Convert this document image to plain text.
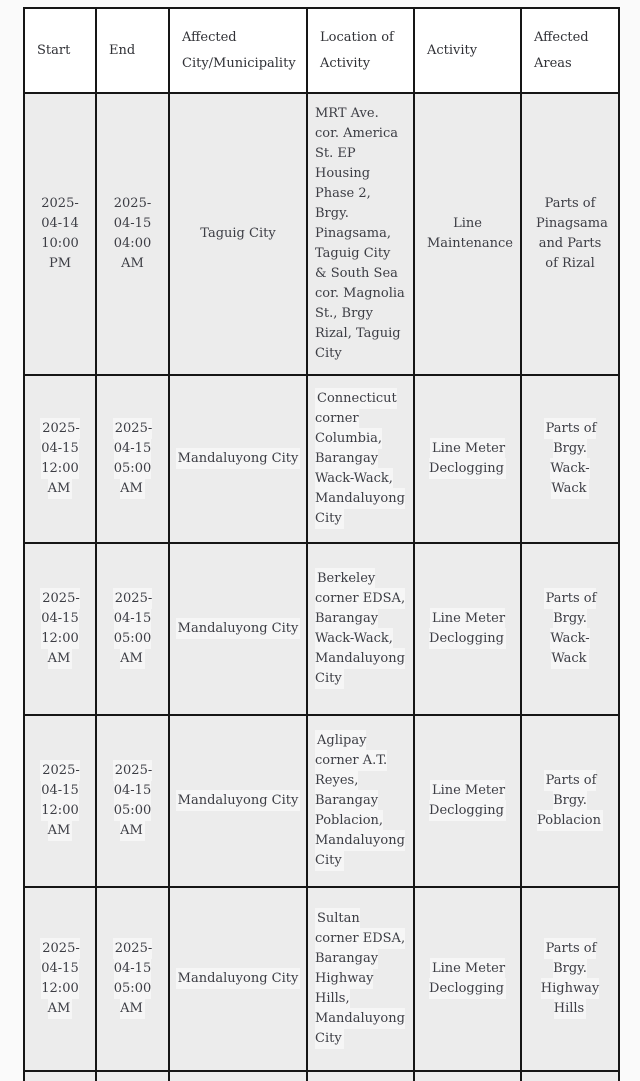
Start	End	Affected City/Municipality	Location of Activity	Activity	Affected Areas
2025-04-14 10:00 PM	2025-04-15 04:00 AM	Taguig City	MRT Ave. cor. America St. EP Housing Phase 2, Brgy. Pinagsama, Taguig City & South Sea cor. Magnolia St., Brgy Rizal, Taguig City	Line Maintenance	Parts of Pinagsama and Parts of Rizal
2025-04-15 12:00 AM	2025-04-15 05:00 AM	Mandaluyong City	Connecticut corner Columbia, Barangay Wack-Wack, Mandaluyong City	Line Meter Declogging	Parts of Brgy. Wack-Wack
2025-04-15 12:00 AM	2025-04-15 05:00 AM	Mandaluyong City	Berkeley corner EDSA, Barangay Wack-Wack, Mandaluyong City	Line Meter Declogging	Parts of Brgy. Wack-Wack
2025-04-15 12:00 AM	2025-04-15 05:00 AM	Mandaluyong City	Aglipay corner A.T. Reyes, Barangay Poblacion, Mandaluyong City	Line Meter Declogging	Parts of Brgy. Poblacion
2025-04-15 12:00 AM	2025-04-15 05:00 AM	Mandaluyong City	Sultan corner EDSA, Barangay Highway Hills, Mandaluyong City	Line Meter Declogging	Parts of Brgy. Highway Hills
